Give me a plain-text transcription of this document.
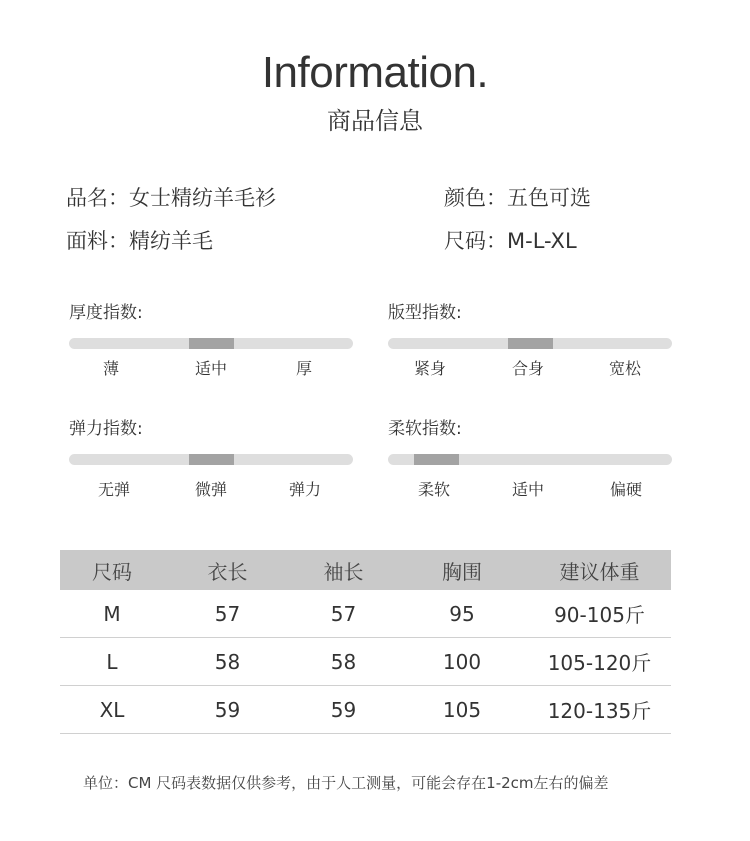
Information.
商品信息
品名：女士精纺羊毛衫	颜色：五色可选
面料：精纺羊毛	尺码：M-L-XL
厚度指数:
薄	适中	厚
版型指数:
紧身	合身	宽松
弹力指数:
无弹	微弹	弹力
柔软指数:
柔软	适中	偏硬
尺码	衣长	袖长	胸围	建议体重
M	57	57	95	90-105斤
L	58	58	100	105-120斤
XL	59	59	105	120-135斤
单位：CM 尺码表数据仅供参考，由于人工测量，可能会存在1-2cm左右的偏差
